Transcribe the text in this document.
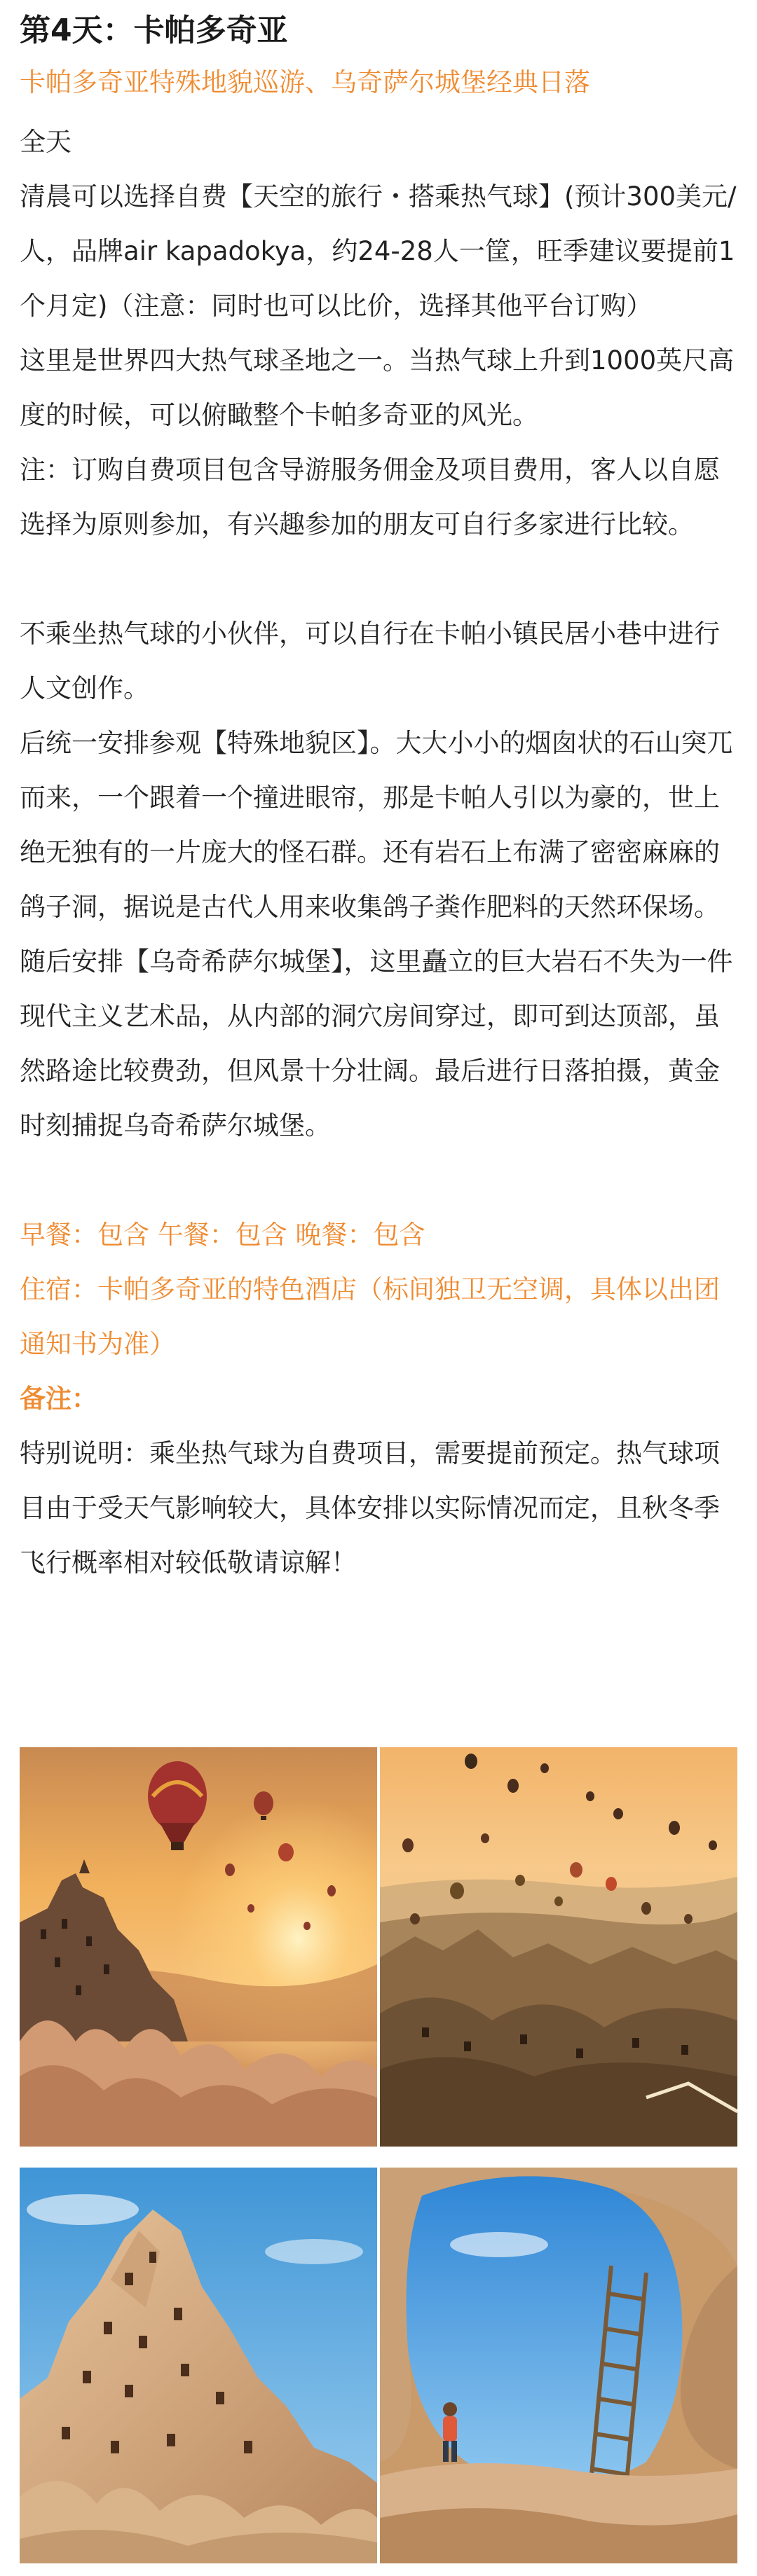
第4天：卡帕多奇亚
卡帕多奇亚特殊地貌巡游、乌奇萨尔城堡经典日落

全天

清晨可以选择自费【天空的旅行・搭乘热气球】(预计300美元/人，品牌air kapadokya，约24-28人一筐，旺季建议要提前1个月定)（注意：同时也可以比价，选择其他平台订购）

这里是世界四大热气球圣地之一。当热气球上升到1000英尺高度的时候，可以俯瞰整个卡帕多奇亚的风光。

注：订购自费项目包含导游服务佣金及项目费用，客人以自愿选择为原则参加，有兴趣参加的朋友可自行多家进行比较。

不乘坐热气球的小伙伴，可以自行在卡帕小镇民居小巷中进行人文创作。

后统一安排参观【特殊地貌区】。大大小小的烟囱状的石山突兀而来，一个跟着一个撞进眼帘，那是卡帕人引以为豪的，世上绝无独有的一片庞大的怪石群。还有岩石上布满了密密麻麻的鸽子洞，据说是古代人用来收集鸽子粪作肥料的天然环保场。

随后安排【乌奇希萨尔城堡】，这里矗立的巨大岩石不失为一件现代主义艺术品，从内部的洞穴房间穿过，即可到达顶部，虽然路途比较费劲，但风景十分壮阔。最后进行日落拍摄，黄金时刻捕捉乌奇希萨尔城堡。

早餐：包含 午餐：包含 晚餐：包含

住宿：卡帕多奇亚的特色酒店（标间独卫无空调，具体以出团通知书为准）

备注：

特别说明：乘坐热气球为自费项目，需要提前预定。热气球项目由于受天气影响较大，具体安排以实际情况而定，且秋冬季飞行概率相对较低敬请谅解！
